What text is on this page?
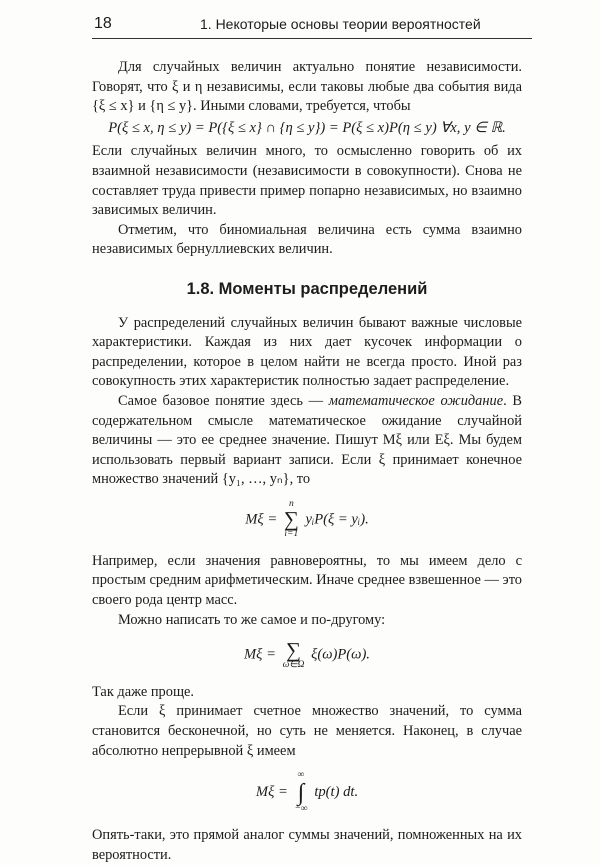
18	1. Некоторые основы теории вероятностей

Для случайных величин актуально понятие независимости. Говорят, что ξ и η независимы, если таковы любые два события вида {ξ ≤ x} и {η ≤ y}. Иными словами, требуется, чтобы

P(ξ ≤ x, η ≤ y) = P({ξ ≤ x} ∩ {η ≤ y}) = P(ξ ≤ x)P(η ≤ y) ∀x, y ∈ ℝ.

Если случайных величин много, то осмысленно говорить об их взаимной независимости (независимости в совокупности). Снова не составляет труда привести пример попарно независимых, но взаимно зависимых величин.

Отметим, что биномиальная величина есть сумма взаимно независимых бернуллиевских величин.

1.8. Моменты распределений

У распределений случайных величин бывают важные числовые характеристики. Каждая из них дает кусочек информации о распределении, которое в целом найти не всегда просто. Иной раз совокупность этих характеристик полностью задает распределение.

Самое базовое понятие здесь — математическое ожидание. В содержательном смысле математическое ожидание случайной величины — это ее среднее значение. Пишут Mξ или Eξ. Мы будем использовать первый вариант записи. Если ξ принимает конечное множество значений {y₁, …, yₙ}, то

Mξ =
n
∑
i=1
yᵢP(ξ = yᵢ).

Например, если значения равновероятны, то мы имеем дело с простым средним арифметическим. Иначе среднее взвешенное — это своего рода центр масс.

Можно написать то же самое и по-другому:

Mξ = ∑
ω∈Ω
ξ(ω)P(ω).

Так даже проще.

Если ξ принимает счетное множество значений, то сумма становится бесконечной, но суть не меняется. Наконец, в случае абсолютно непрерывной ξ имеем

Mξ =
∞
∫
−∞
tp(t) dt.

Опять-таки, это прямой аналог суммы значений, помноженных на их вероятности.
